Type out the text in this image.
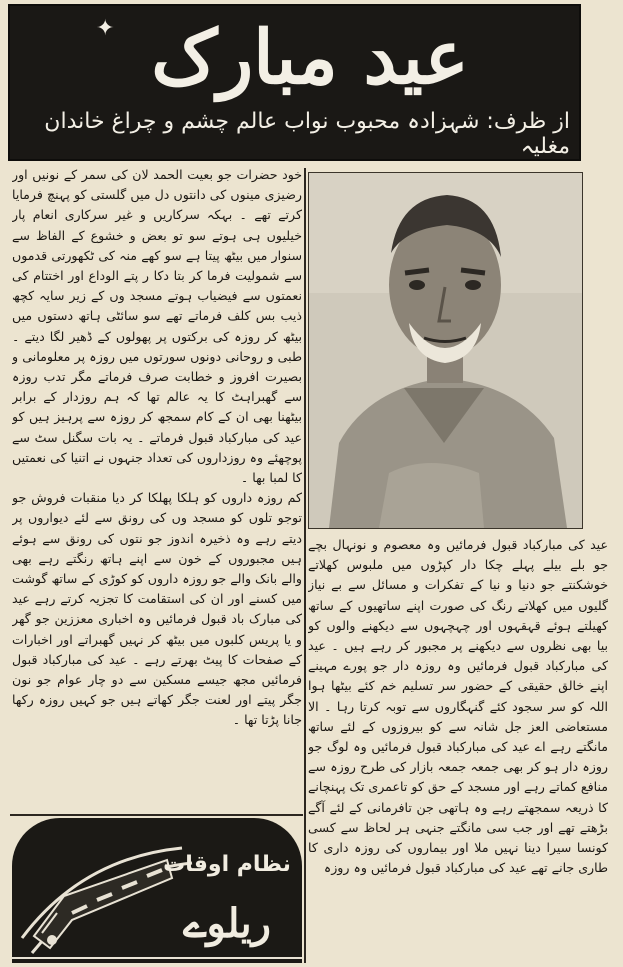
✦ عید مبارک
از ظرف: شہزادہ محبوب نواب عالم چشم و چراغ خاندان مغلیہ

خود حضرات جو بعیت الحمد لان کی سمر کے نونیں اور رضیزی مینوں کی دانتوں دل میں گلستی کو پہنچ فرمایا کرتے تھے ۔ بہکہ سرکاریں و غیر سرکاری انعام پار خیلیوں ہی ہوتے سو تو بعض و خشوع کے الفاظ سے سنوار میں بیٹھ پیتا ہے سو کھے منہ کی ٹکھورتی قدموں سے شمولیت فرما کر بتا دکا ر پتے الوداع اور اختتام کی نعمتوں سے فیضیاب ہوتے مسجد وں کے زیر سایہ کچھ ذیب بس کلف فرماتے تھے سو سائٹی ہاتھ دستوں میں بیٹھ کر روزہ کی برکتوں پر پھولوں کے ڈھیر لگا دیتے ۔ طبی و روحانی دونوں سورتوں میں روزہ پر معلومانی و بصیرت افروز و خطابت صرف فرماتے مگر تدب روزہ سے گھبراہٹ کا یہ عالم تھا کہ ہم روزدار کے برابر بیٹھنا بھی ان کے کام سمجھ کر روزہ سے پرہیز ہیں کو عید کی مبارکباد قبول فرماتے ۔ یہ بات سگنل سٹ سے پوچھئے وہ روزداروں کی تعداد جنہوں نے اتنیا کی نعمتیں کا لمبا بھا ۔

کم روزہ داروں کو ہلکا پھلکا کر دیا منقبات فروش جو توجو تلوں کو مسجد وں کی رونق سے لئے دیواروں پر دیتے رہے وہ ذخیرہ اندوز جو نتوں کی رونق سے ہوئے ہیں مجبوروں کے خون سے اپنے ہاتھ رنگتے رہے بھی والے بانک والے جو روزہ داروں کو کوڑی کے ساتھ گوشت میں کسنے اور ان کی استقامت کا تجزیہ کرتے رہے عید کی مبارک باد قبول فرمائیں وہ اخباری معززین جو گھر و یا پریس کلبوں میں بیٹھ کر نہیں گھبراتے اور اخبارات کے صفحات کا پیٹ بھرتے رہے ۔ عید کی مبارکباد قبول فرمائیں مجھ جیسے مسکین سے دو چار عوام جو نون جگر پیتے اور لعنت جگر کھاتے ہیں جو کہیں روزہ رکھا جانا پڑتا تھا ۔

عید کی مبارکباد قبول فرمائیں وہ معصوم و نونہال بچے جو بلے بیلے پہلے چکا دار کپڑوں میں ملبوس کھلاتے خوشکنتے جو دنیا و نیا کے تفکرات و مسائل سے بے نیاز گلیوں میں کھلاتے رنگ کی صورت اپنے ساتھیوں کے ساتھ کھیلتے ہوئے قہقہوں اور چہچہوں سے دیکھنے والوں کو بیا بھی نظروں سے دیکھنے پر مجبور کر رہے ہیں ۔ عید کی مبارکباد قبول فرمائیں وہ روزہ دار جو پورے مہینے اپنے خالق حقیقی کے حضور سر تسلیم خم کئے بیٹھا ہوا اللہ کو سر سجود کئے گنہگاروں سے توبہ کرتا رہا ۔ الا مستعاضی العز جل شانہ سے کو بیروزوں کے لئے ساتھ مانگتے رہے اے عید کی مبارکباد قبول فرمائیں وہ لوگ جو روزہ دار ہو کر بھی جمعہ جمعہ بازار کی طرح روزہ سے منافع کماتے رہے اور مسجد کے حق کو تاعمری تک پہنچانے کا ذریعہ سمجھتے رہے وہ ہاتھی جن تافرمانی کے لئے آگے بڑھتے تھے اور جب سی مانگتے جنہی ہر لحاظ سے کسی کونسا سیرا دینا نہیں ملا اور بیماروں کی روزہ داری کا طاری جانے تھے عید کی مبارکباد قبول فرمائیں وہ روزہ

نظام اوقات
ریلوے
